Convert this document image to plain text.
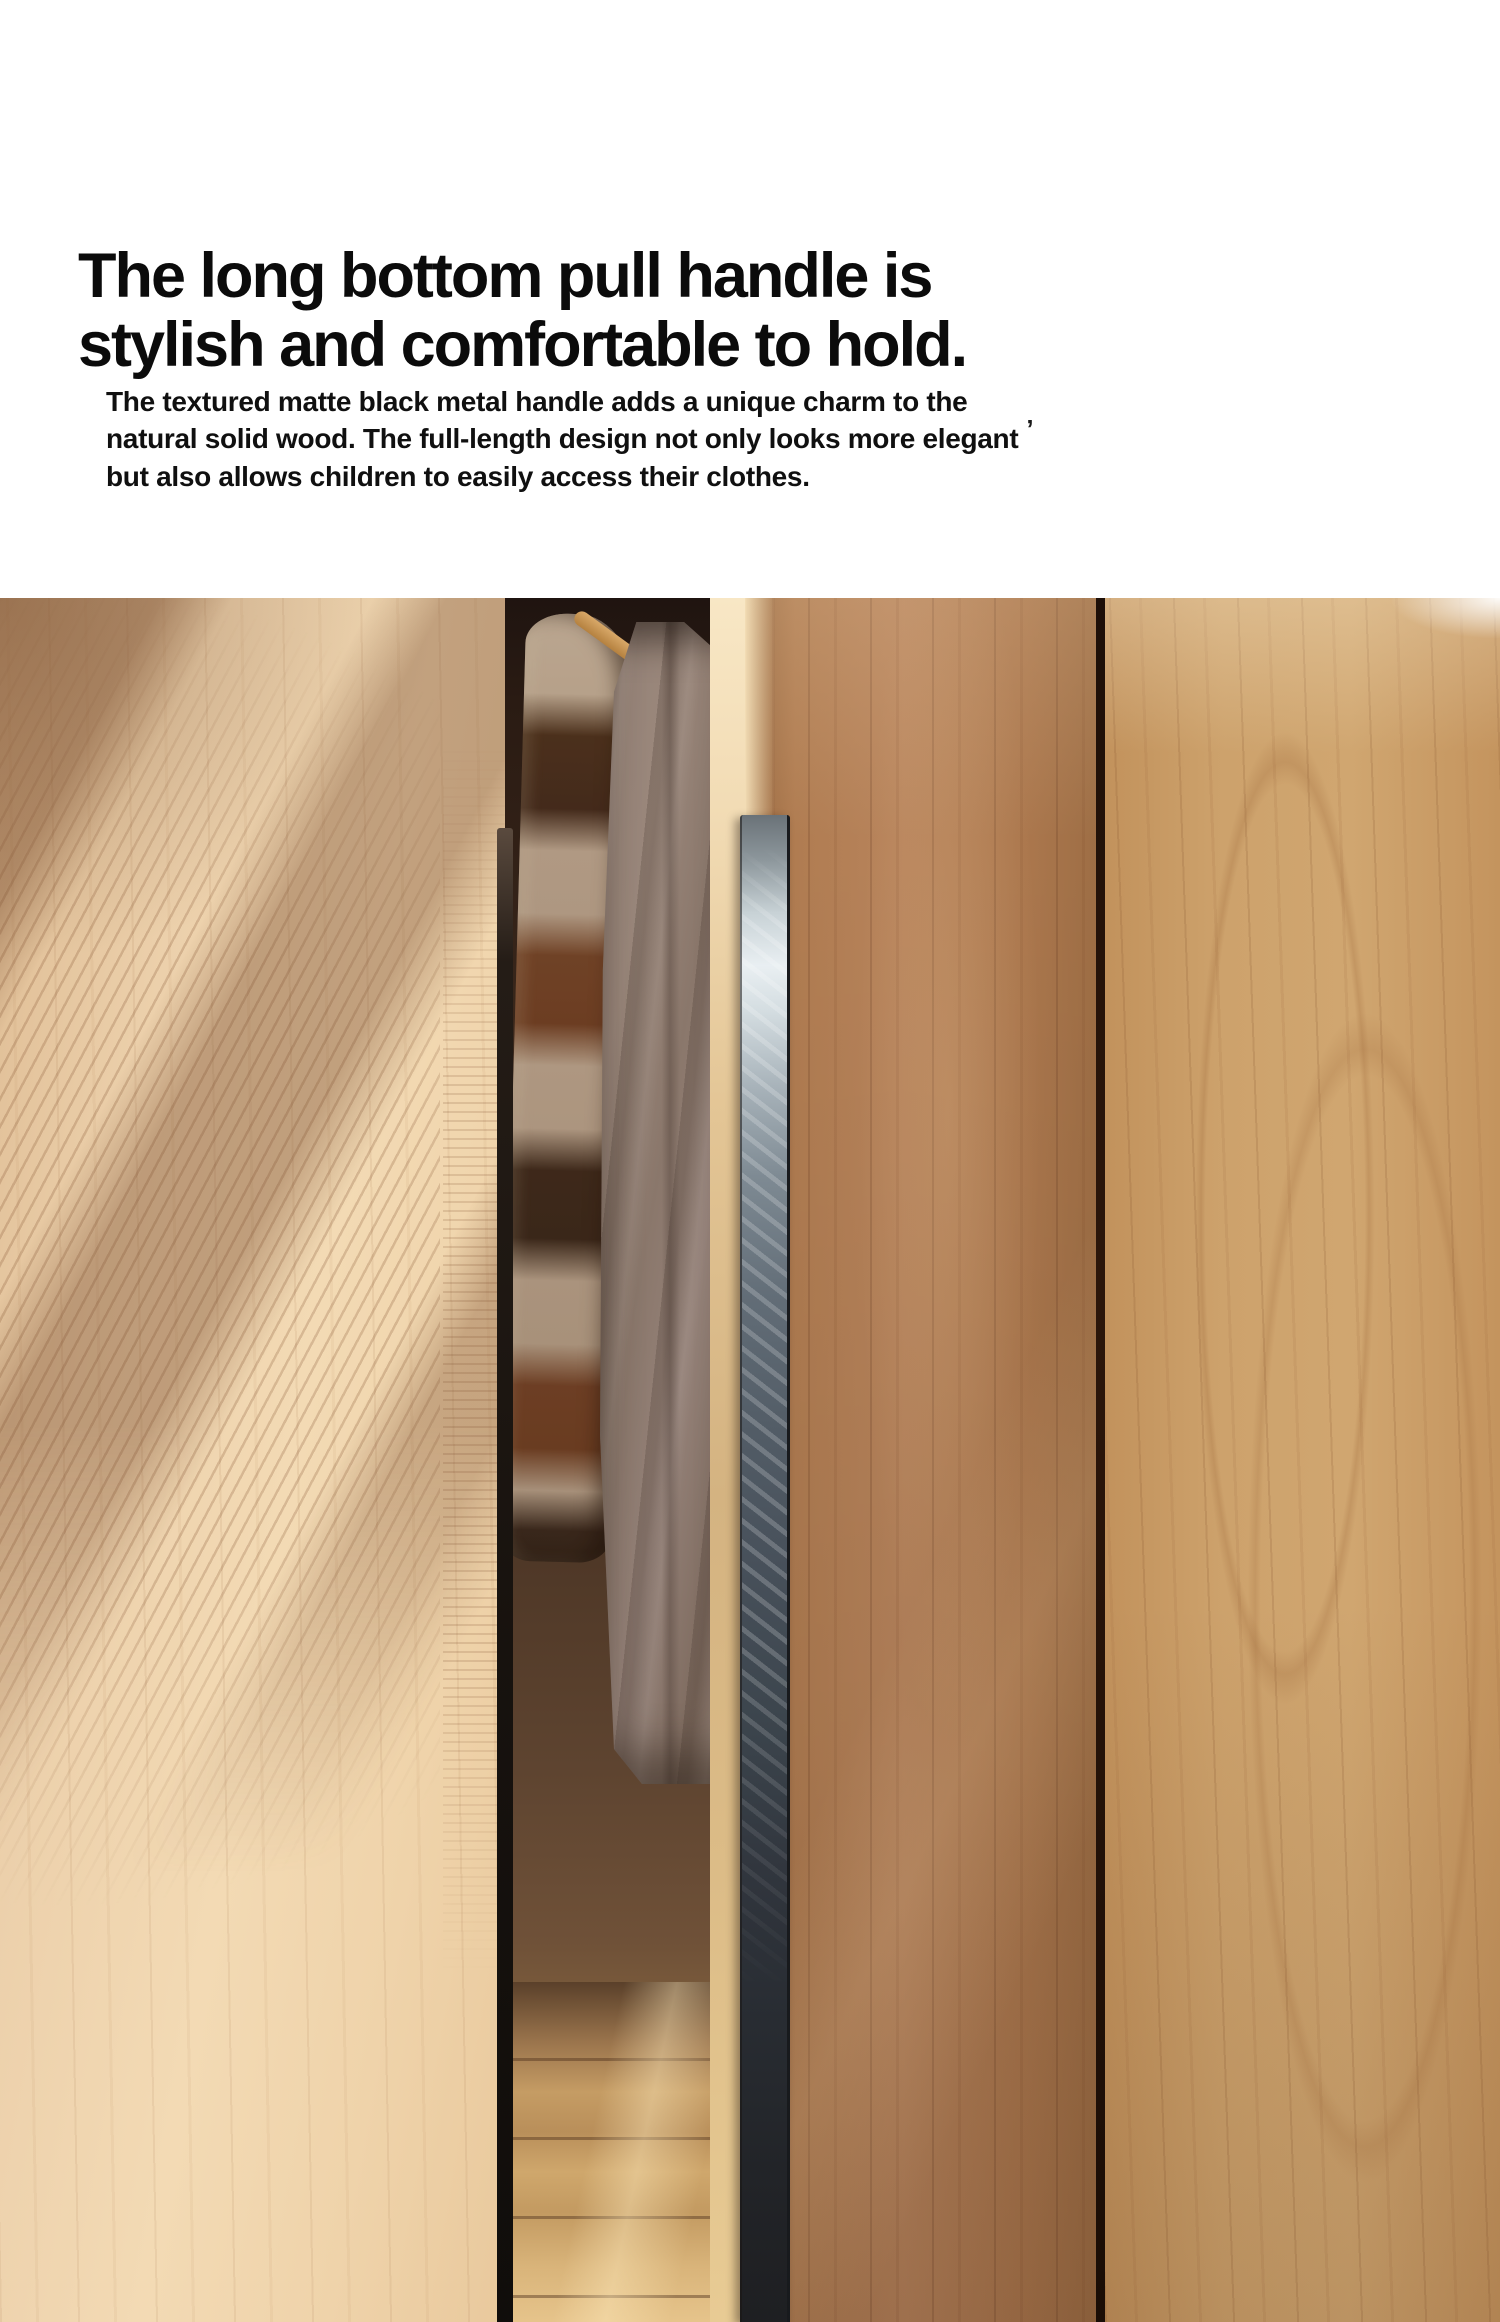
The long bottom pull handle is
stylish and comfortable to hold.
The textured matte black metal handle adds a unique charm to the
natural solid wood. The full-length design not only looks more elegant ’
but also allows children to easily access their clothes.
